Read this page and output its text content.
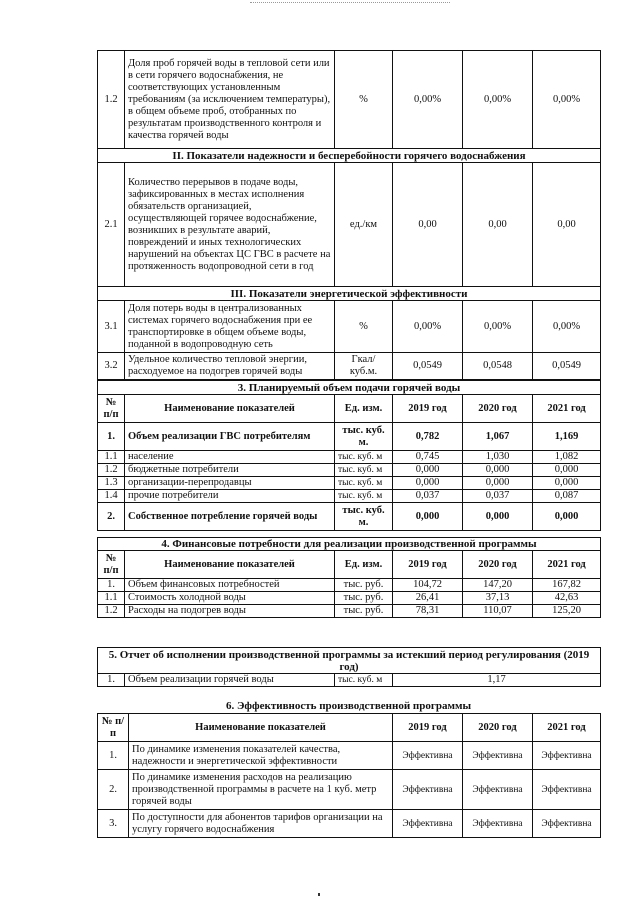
1.2	Доля проб горячей воды в тепловой сети или в сети горячего водоснабжения, не соответствующих установленным требованиям (за исключением температуры), в общем объеме проб, отобранных по результатам производственного контроля и качества горячей воды	%	0,00%	0,00%	0,00%
II. Показатели надежности и бесперебойности горячего водоснабжения					
2.1	Количество перерывов в подаче воды, зафиксированных в местах исполнения обязательств организацией, осуществляющей горячее водоснабжение, возникших в результате аварий, повреждений и иных технологических нарушений на объектах ЦС ГВС в расчете на протяженность водопроводной сети в год	ед./км	0,00	0,00	0,00
III. Показатели энергетической эффективности					
3.1	Доля потерь воды в централизованных системах горячего водоснабжения при ее транспортировке в общем объеме воды, поданной в водопроводную сеть	%	0,00%	0,00%	0,00%
3.2	Удельное количество тепловой энергии, расходуемое на подогрев горячей воды	Гкал/ куб.м.	0,0549	0,0548	0,0549
3. Планируемый объем подачи горячей воды					
№ п/п	Наименование показателей	Ед. изм.	2019 год	2020 год	2021 год
1.	Объем реализации ГВС потребителям	тыс. куб. м.	0,782	1,067	1,169
1.1	население	тыс. куб. м	0,745	1,030	1,082
1.2	бюджетные потребители	тыс. куб. м	0,000	0,000	0,000
1.3	организации-перепродавцы	тыс. куб. м	0,000	0,000	0,000
1.4	прочие потребители	тыс. куб. м	0,037	0,037	0,087
2.	Собственное потребление горячей воды	тыс. куб. м.	0,000	0,000	0,000
4. Финансовые потребности для реализации производственной программы					
№ п/п	Наименование показателей	Ед. изм.	2019 год	2020 год	2021 год
1.	Объем финансовых потребностей	тыс. руб.	104,72	147,20	167,82
1.1	Стоимость холодной воды	тыс. руб.	26,41	37,13	42,63
1.2	Расходы на подогрев воды	тыс. руб.	78,31	110,07	125,20
5. Отчет об исполнении производственной программы за истекший период регулирования (2019 год)
1.	Объем реализации горячей воды	тыс. куб. м	1,17
6. Эффективность производственной программы
№ п/п	Наименование показателей	2019 год	2020 год	2021 год
1.	По динамике изменения показателей качества, надежности и энергетической эффективности	Эффективна	Эффективна	Эффективна
2.	По динамике изменения расходов на реализацию производственной программы в расчете на 1 куб. метр горячей воды	Эффективна	Эффективна	Эффективна
3.	По доступности для абонентов тарифов организации на услугу горячего водоснабжения	Эффективна	Эффективна	Эффективна
